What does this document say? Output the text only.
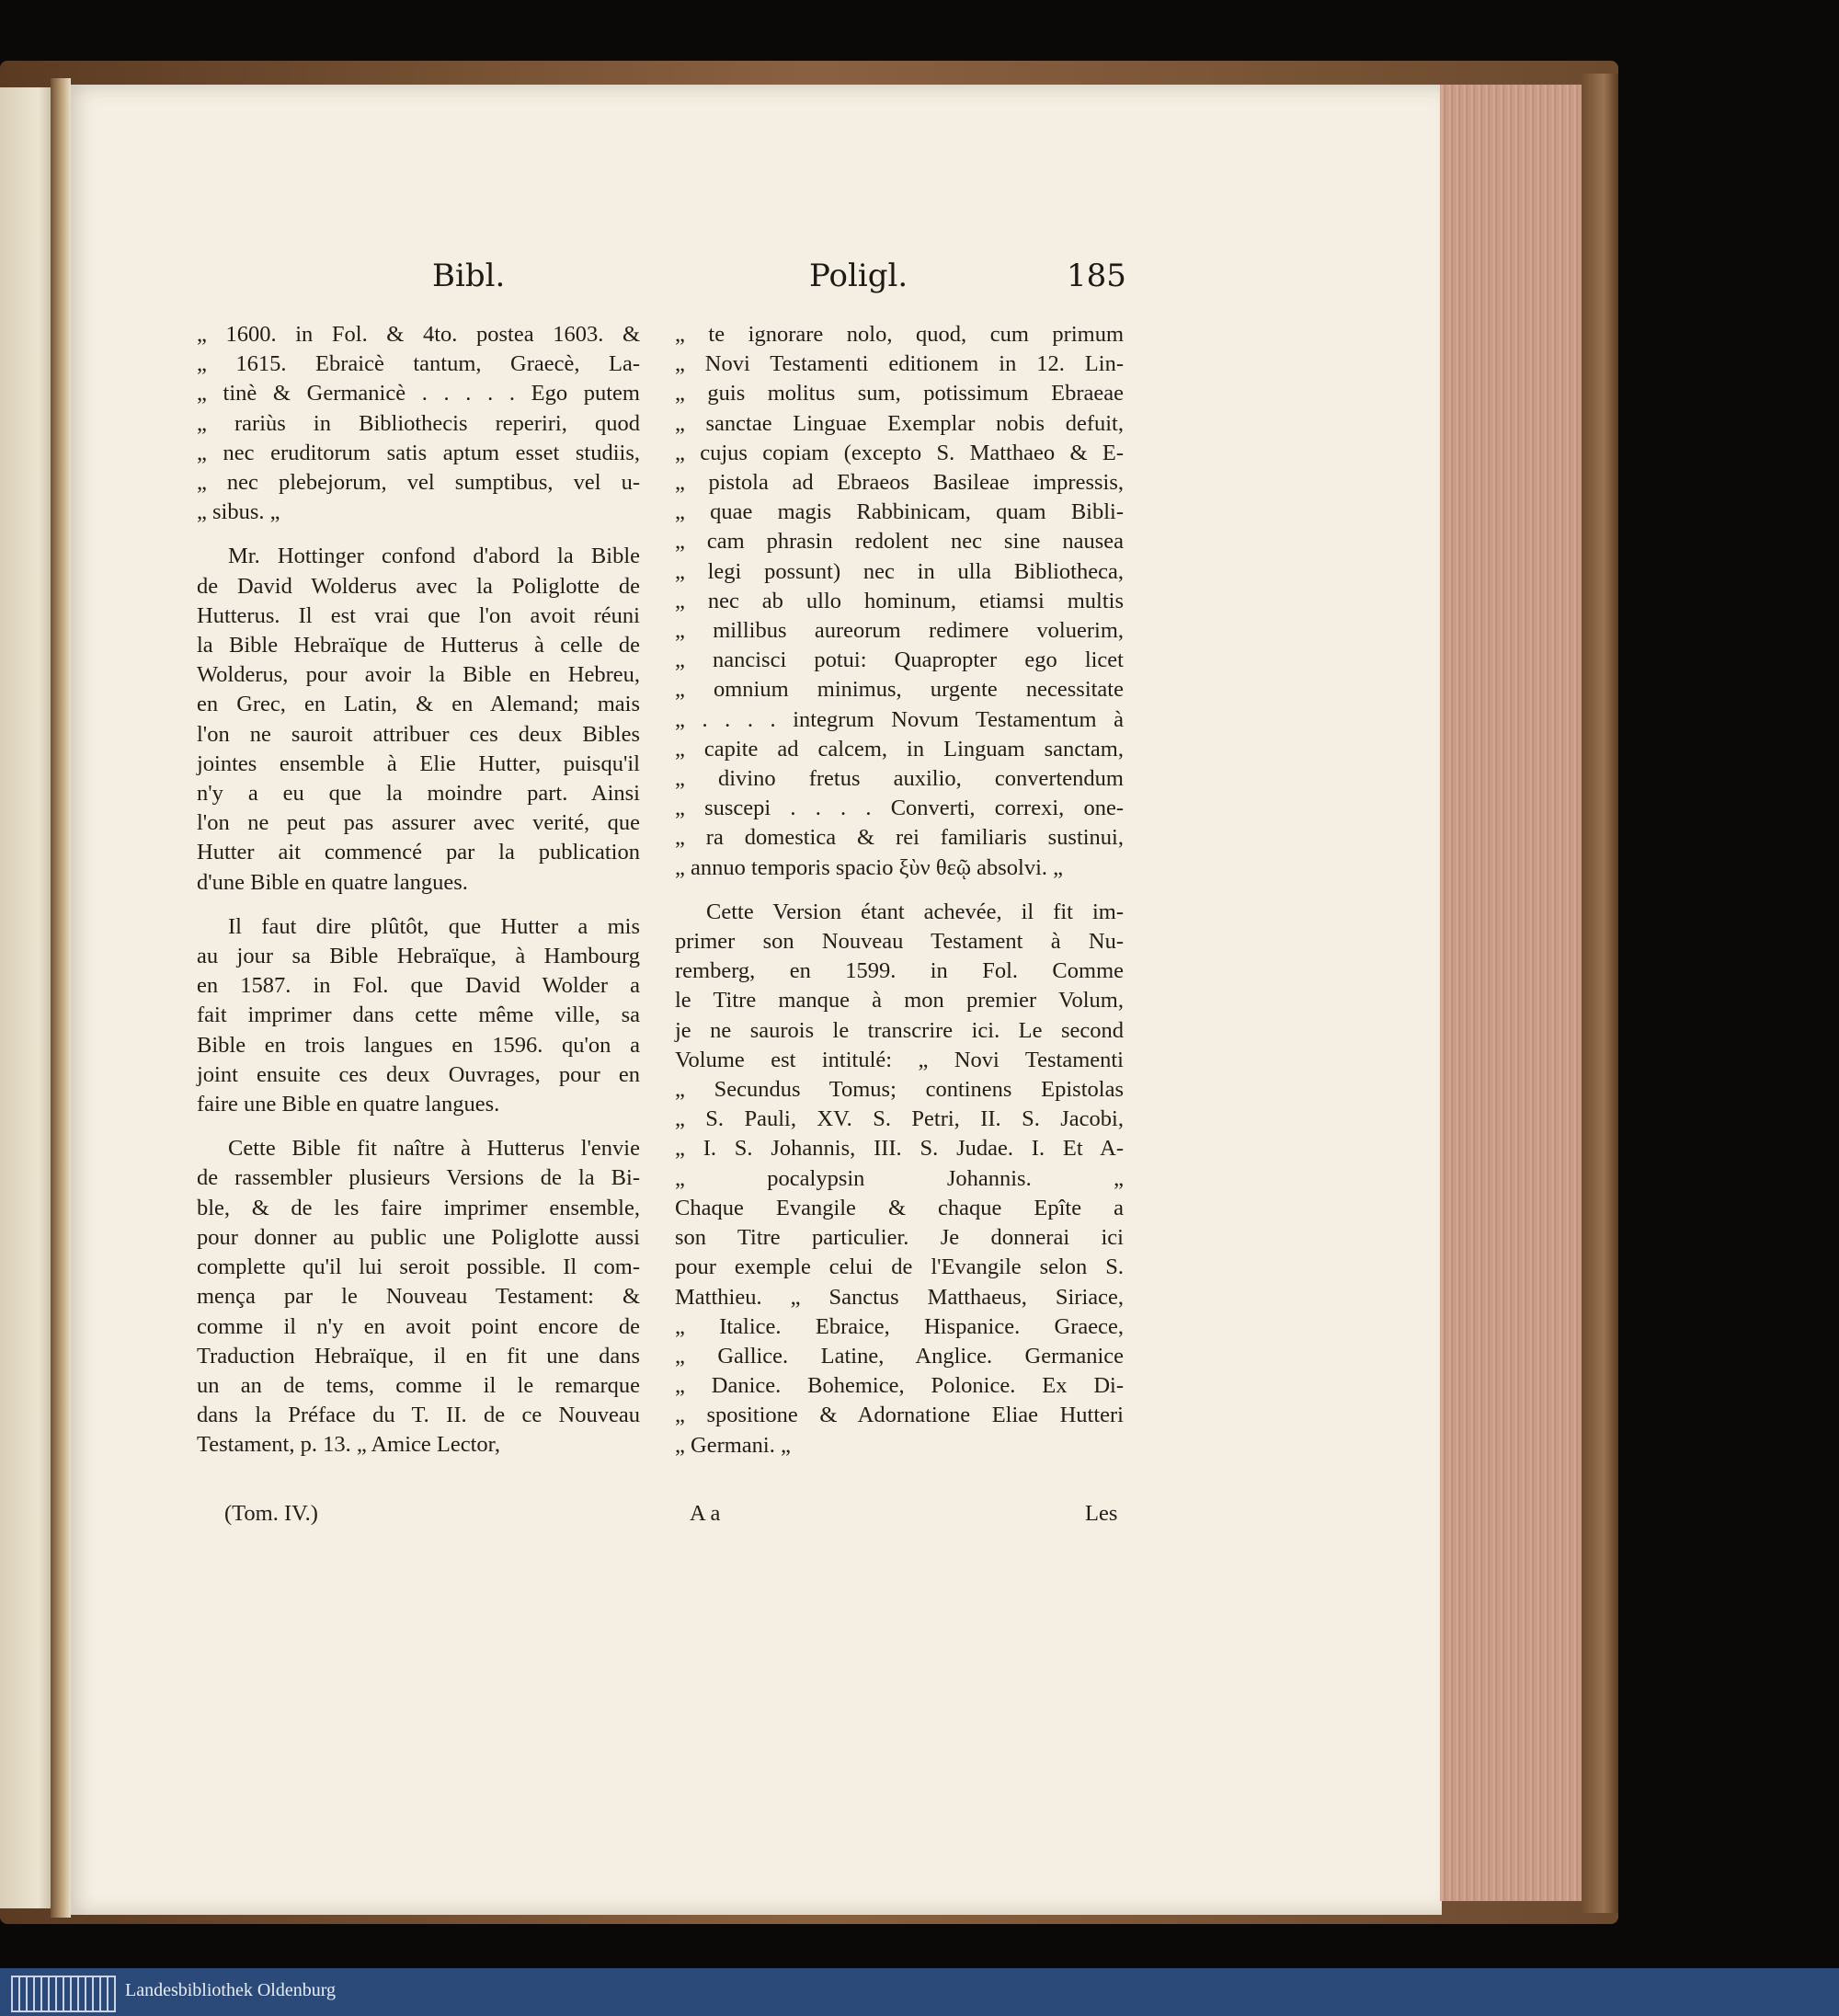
Bibl.	Poligl.	185
„ 1600. in Fol. & 4to. postea 1603. &
„ 1615. Ebraicè tantum, Graecè, La-
„ tinè & Germanicè . . . . . Ego putem
„ rariùs in Bibliothecis reperiri, quod
„ nec eruditorum satis aptum esset studiis,
„ nec plebejorum, vel sumptibus, vel u-
„ sibus. „
Mr. Hottinger confond d'abord la Bible
de David Wolderus avec la Poliglotte de
Hutterus. Il est vrai que l'on avoit réuni
la Bible Hebraïque de Hutterus à celle de
Wolderus, pour avoir la Bible en Hebreu,
en Grec, en Latin, & en Alemand; mais
l'on ne sauroit attribuer ces deux Bibles
jointes ensemble à Elie Hutter, puisqu'il
n'y a eu que la moindre part. Ainsi
l'on ne peut pas assurer avec verité, que
Hutter ait commencé par la publication
d'une Bible en quatre langues.
Il faut dire plûtôt, que Hutter a mis
au jour sa Bible Hebraïque, à Hambourg
en 1587. in Fol. que David Wolder a
fait imprimer dans cette même ville, sa
Bible en trois langues en 1596. qu'on a
joint ensuite ces deux Ouvrages, pour en
faire une Bible en quatre langues.
Cette Bible fit naître à Hutterus l'envie
de rassembler plusieurs Versions de la Bi-
ble, & de les faire imprimer ensemble,
pour donner au public une Poliglotte aussi
complette qu'il lui seroit possible. Il com-
mença par le Nouveau Testament: &
comme il n'y en avoit point encore de
Traduction Hebraïque, il en fit une dans
un an de tems, comme il le remarque
dans la Préface du T. II. de ce Nouveau
Testament, p. 13. „ Amice Lector,
„ te ignorare nolo, quod, cum primum
„ Novi Testamenti editionem in 12. Lin-
„ guis molitus sum, potissimum Ebraeae
„ sanctae Linguae Exemplar nobis defuit,
„ cujus copiam (excepto S. Matthaeo & E-
„ pistola ad Ebraeos Basileae impressis,
„ quae magis Rabbinicam, quam Bibli-
„ cam phrasin redolent nec sine nausea
„ legi possunt) nec in ulla Bibliotheca,
„ nec ab ullo hominum, etiamsi multis
„ millibus aureorum redimere voluerim,
„ nancisci potui: Quapropter ego licet
„ omnium minimus, urgente necessitate
„ . . . . integrum Novum Testamentum à
„ capite ad calcem, in Linguam sanctam,
„ divino fretus auxilio, convertendum
„ suscepi . . . . Converti, correxi, one-
„ ra domestica & rei familiaris sustinui,
„ annuo temporis spacio ξὺν θεῷ absolvi. „
Cette Version étant achevée, il fit im-
primer son Nouveau Testament à Nu-
remberg, en 1599. in Fol. Comme
le Titre manque à mon premier Volum,
je ne saurois le transcrire ici. Le second
Volume est intitulé: „ Novi Testamenti
„ Secundus Tomus; continens Epistolas
„ S. Pauli, XV. S. Petri, II. S. Jacobi,
„ I. S. Johannis, III. S. Judae. I. Et A-
„ pocalypsin Johannis. „
Chaque Evangile & chaque Epîte a
son Titre particulier. Je donnerai ici
pour exemple celui de l'Evangile selon S.
Matthieu. „ Sanctus Matthaeus, Siriace,
„ Italice. Ebraice, Hispanice. Graece,
„ Gallice. Latine, Anglice. Germanice
„ Danice. Bohemice, Polonice. Ex Di-
„ spositione & Adornatione Eliae Hutteri
„ Germani. „
(Tom. IV.)	A a	Les
Landesbibliothek Oldenburg
